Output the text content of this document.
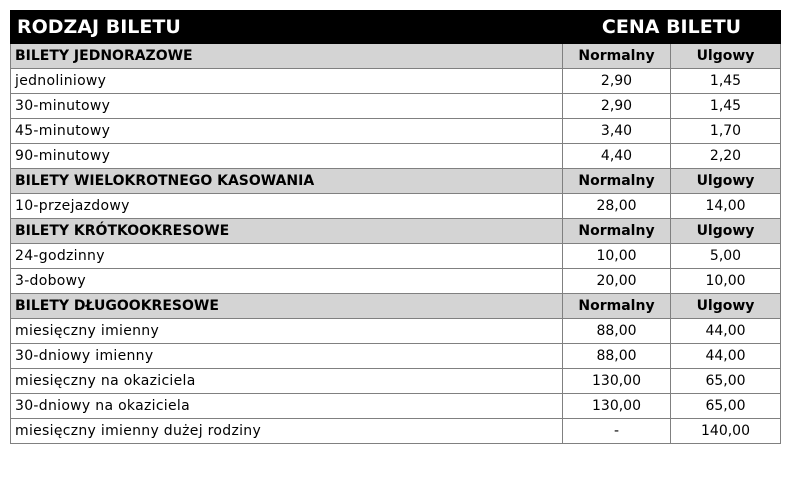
RODZAJ BILETU	CENA BILETU	
BILETY JEDNORAZOWE	Normalny	Ulgowy
jednoliniowy	2,90	1,45
30-minutowy	2,90	1,45
45-minutowy	3,40	1,70
90-minutowy	4,40	2,20
BILETY WIELOKROTNEGO KASOWANIA	Normalny	Ulgowy
10-przejazdowy	28,00	14,00
BILETY KRÓTKOOKRESOWE	Normalny	Ulgowy
24-godzinny	10,00	5,00
3-dobowy	20,00	10,00
BILETY DŁUGOOKRESOWE	Normalny	Ulgowy
miesięczny imienny	88,00	44,00
30-dniowy imienny	88,00	44,00
miesięczny na okaziciela	130,00	65,00
30-dniowy na okaziciela	130,00	65,00
miesięczny imienny dużej rodziny	-	140,00
